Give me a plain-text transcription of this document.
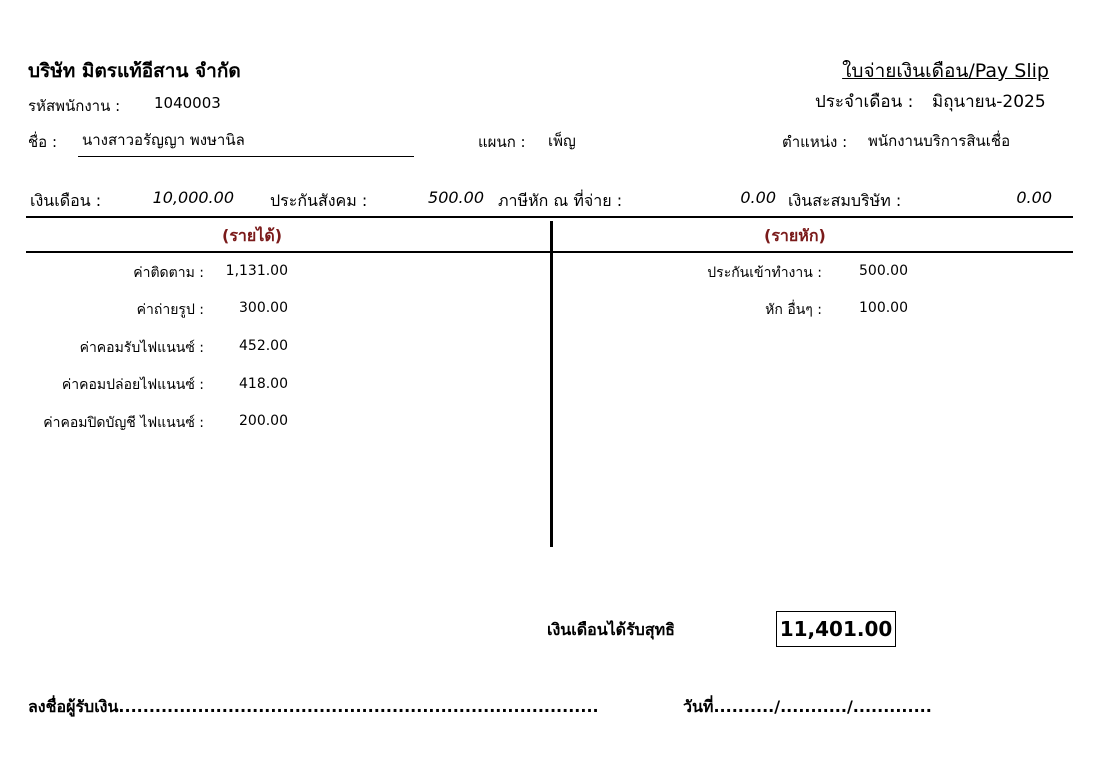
บริษัท มิตรแท้อีสาน จำกัด	ใบจ่ายเงินเดือน/Pay Slip
ประจำเดือน : มิถุนายน-2025
รหัสพนักงาน : 1040003
ชื่อ : นางสาวอรัญญา พงษานิล	แผนก : เพ็ญ	ตำแหน่ง : พนักงานบริการสินเชื่อ
เงินเดือน :	10,000.00 ประกันสังคม :	500.00 ภาษีหัก ณ ที่จ่าย :	0.00 เงินสะสมบริษัท :	0.00
(รายได้)	(รายหัก)
ค่าติดตาม :	1,131.00
ค่าถ่ายรูป :	300.00
ค่าคอมรับไฟแนนซ์ :	452.00
ค่าคอมปล่อยไฟแนนซ์ :	418.00
ค่าคอมปิดบัญชี ไฟแนนซ์ :	200.00
ประกันเข้าทำงาน :	500.00
หัก อื่นๆ :	100.00
เงินเดือนได้รับสุทธิ	11,401.00
ลงชื่อผู้รับเงิน...............................................................................	วันที่........../.........../.............
